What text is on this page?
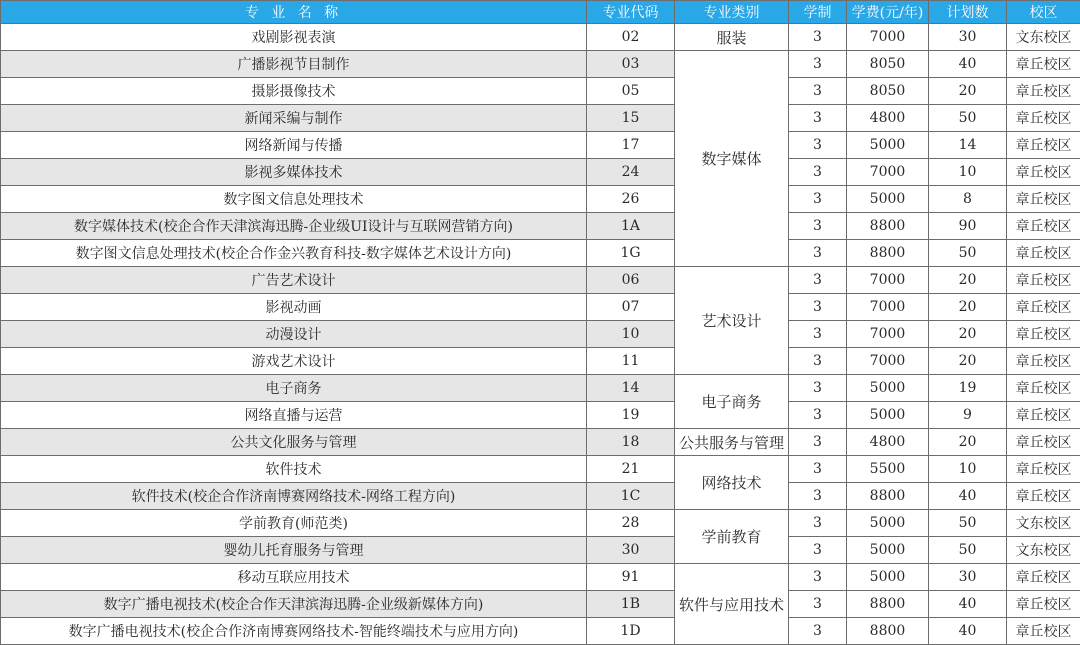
专 业 名 称	专业代码	专业类别	学制	学费(元/年)	计划数	校区
戏剧影视表演	02	服装	3	7000	30	文东校区
广播影视节目制作	03	数字媒体	3	8050	40	章丘校区
摄影摄像技术	05		3	8050	20	章丘校区
新闻采编与制作	15		3	4800	50	章丘校区
网络新闻与传播	17		3	5000	14	章丘校区
影视多媒体技术	24		3	7000	10	章丘校区
数字图文信息处理技术	26		3	5000	8	章丘校区
数字媒体技术(校企合作天津滨海迅腾-企业级UI设计与互联网营销方向)	1A		3	8800	90	章丘校区
数字图文信息处理技术(校企合作金兴教育科技-数字媒体艺术设计方向)	1G		3	8800	50	章丘校区
广告艺术设计	06	艺术设计	3	7000	20	章丘校区
影视动画	07		3	7000	20	章丘校区
动漫设计	10		3	7000	20	章丘校区
游戏艺术设计	11		3	7000	20	章丘校区
电子商务	14	电子商务	3	5000	19	章丘校区
网络直播与运营	19		3	5000	9	章丘校区
公共文化服务与管理	18	公共服务与管理	3	4800	20	章丘校区
软件技术	21	网络技术	3	5500	10	章丘校区
软件技术(校企合作济南博赛网络技术-网络工程方向)	1C		3	8800	40	章丘校区
学前教育(师范类)	28	学前教育	3	5000	50	文东校区
婴幼儿托育服务与管理	30		3	5000	50	文东校区
移动互联应用技术	91	软件与应用技术	3	5000	30	章丘校区
数字广播电视技术(校企合作天津滨海迅腾-企业级新媒体方向)	1B		3	8800	40	章丘校区
数字广播电视技术(校企合作济南博赛网络技术-智能终端技术与应用方向)	1D		3	8800	40	章丘校区
